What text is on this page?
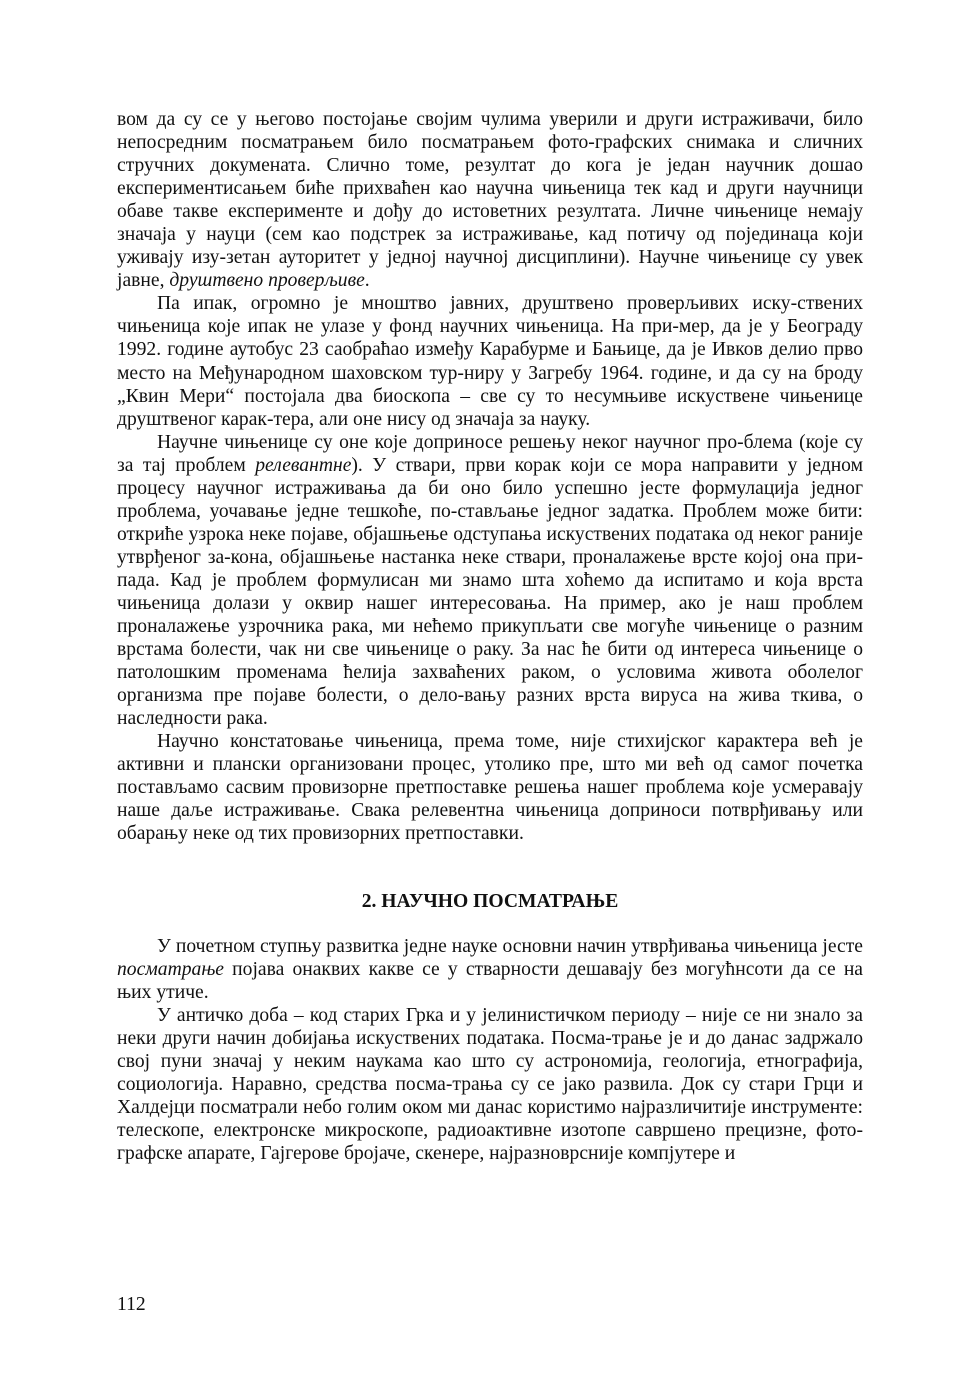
вом да су се у његово постојање својим чулима уверили и други истраживачи, било непосредним посматрањем било посматрањем фото-графских снимака и сличних стручних докумената. Слично томе, резултат до кога је један научник дошао експериментисањем биће прихваћен као научна чињеница тек кад и други научници обаве такве експерименте и дођу до истоветних резултата. Личне чињенице немају значаја у науци (сем као подстрек за истраживање, кад потичу од појединаца који уживају изу-зетан ауторитет у једној научној дисциплини). Научне чињенице су увек јавне, друштвено проверљиве.

Па ипак, огромно је мноштво јавних, друштвено проверљивих иску-ствених чињеница које ипак не улазе у фонд научних чињеница. На при-мер, да је у Београду 1992. године аутобус 23 саобраћао између Карабурме и Бањице, да је Ивков делио прво место на Међународном шаховском тур-ниру у Загребу 1964. године, и да су на броду „Квин Мери“ постојала два биоскопа – све су то несумњиве искуствене чињенице друштвеног карак-тера, али оне нису од значаја за науку.

Научне чињенице су оне које доприносе решењу неког научног про-блема (које су за тај проблем релевантне). У ствари, први корак који се мора направити у једном процесу научног истраживања да би оно било успешно јесте формулација једног проблема, уочавање једне тешкоће, по-стављање једног задатка. Проблем може бити: откриће узрока неке појаве, објашњење одступања искуствених података од неког раније утврђеног за-кона, објашњење настанка неке ствари, проналажење врсте којој она при-пада. Кад је проблем формулисан ми знамо шта хоћемо да испитамо и која врста чињеница долази у оквир нашег интересовања. На пример, ако је наш проблем проналажење узрочника рака, ми нећемо прикупљати све могуће чињенице о разним врстама болести, чак ни све чињенице о раку. За нас ће бити од интереса чињенице о патолошким променама ћелија захваћених раком, о условима живота оболелог организма пре појаве болести, о дело-вању разних врста вируса на жива ткива, о наследности рака.

Научно констатовање чињеница, према томе, није стихијског карактера већ је активни и плански организовани процес, утолико пре, што ми већ од самог почетка постављамо сасвим провизорне претпоставке решења нашег проблема које усмеравају наше даље истраживање. Свака релевентна чињеница доприноси потврђивању или обарању неке од тих провизорних претпоставки.

2. НАУЧНО ПОСМАТРАЊЕ

У почетном ступњу развитка једне науке основни начин утврђивања чињеница јесте посматрање појава онаквих какве се у стварности дешавају без могућнсоти да се на њих утиче.

У античко доба – код старих Грка и у јелинистичком периоду – није се ни знало за неки други начин добијања искуствених података. Посма-трање је и до данас задржало свој пуни значај у неким наукама као што су астрономија, геологија, етнографија, социологија. Наравно, средства посма-трања су се јако развила. Док су стари Грци и Халдејци посматрали небо голим оком ми данас користимо најразличитије инструменте: телескопе, електронске микроскопе, радиоактивне изотопе савршено прецизне, фото-графске апарате, Гајгерове бројаче, скенере, најразноврсније компјутере и

112
